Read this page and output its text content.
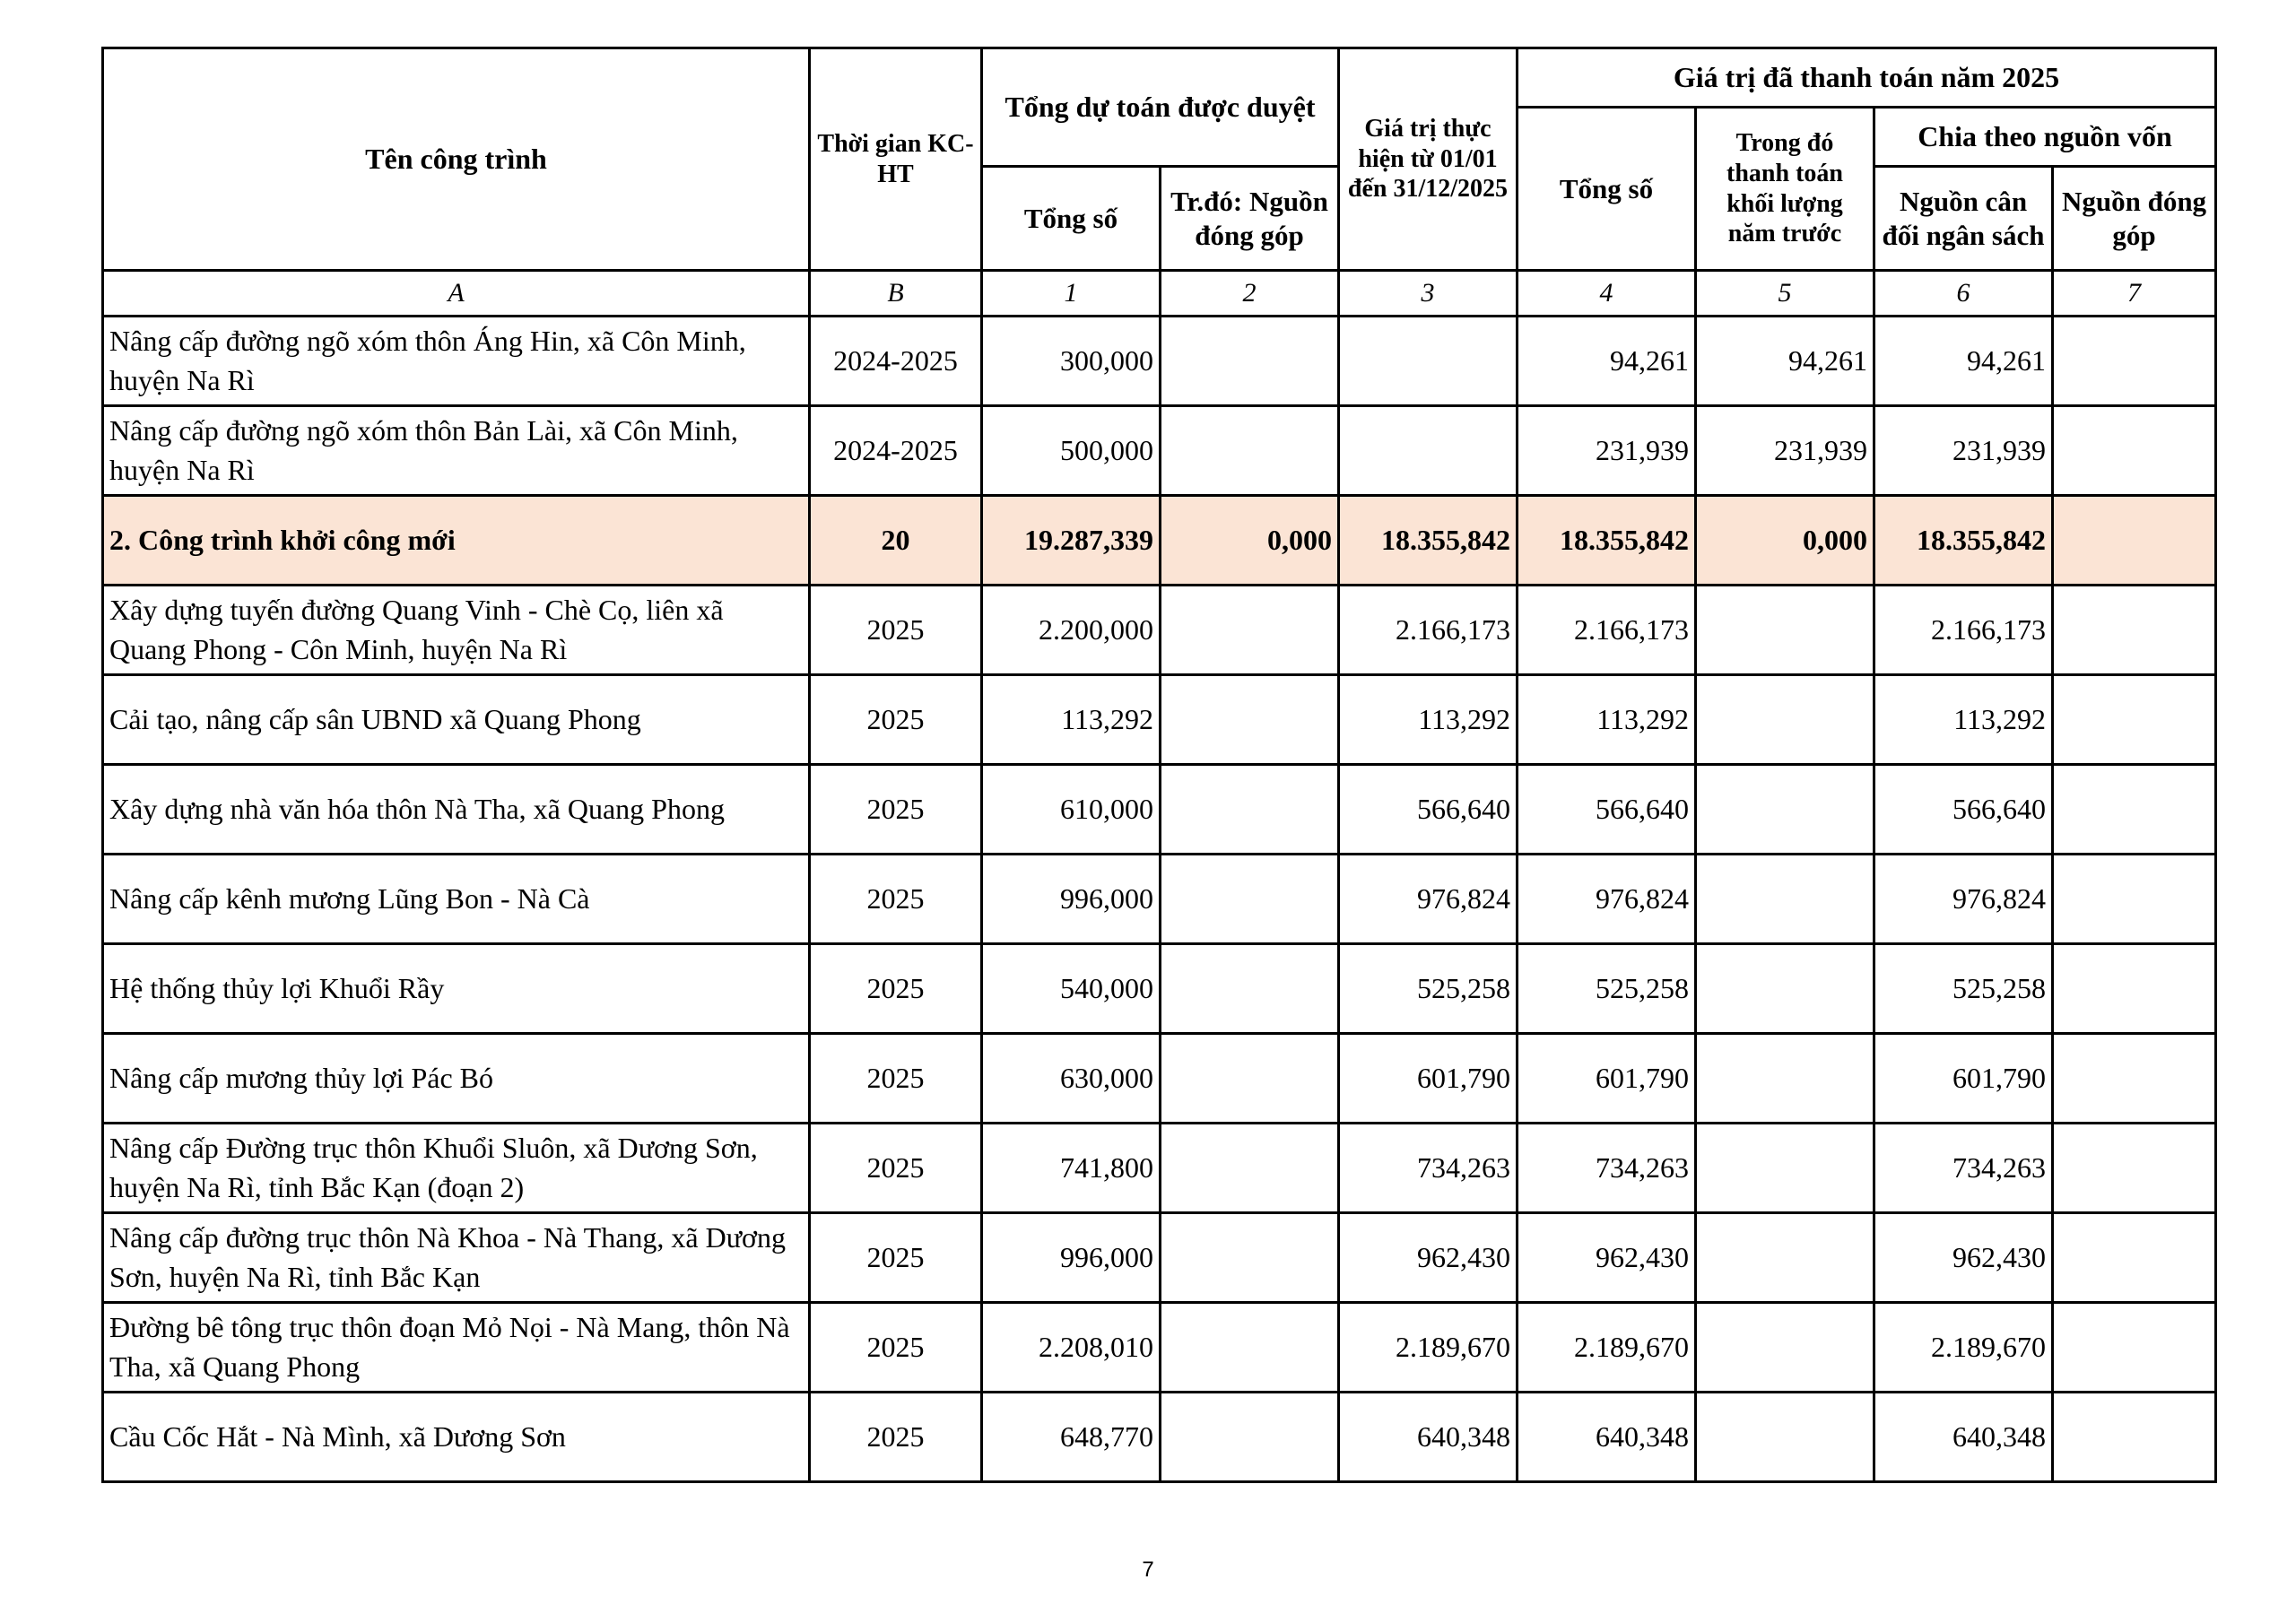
Tên công trình	Thời gian KC-HT	Tổng dự toán được duyệt		Giá trị thực hiện từ 01/01 đến 31/12/2025	Giá trị đã thanh toán năm 2025			
					Tổng số	Trong đó thanh toán khối lượng năm trước	Chia theo nguồn vốn	
		Tổng số	Tr.đó: Nguồn đóng góp				Nguồn cân đối ngân sách	Nguồn đóng góp
A	B	1	2	3	4	5	6	7
Nâng cấp đường ngõ xóm thôn Áng Hin, xã Côn Minh, huyện Na Rì	2024-2025	300,000			94,261	94,261	94,261	
Nâng cấp đường ngõ xóm thôn Bản Lài, xã Côn Minh, huyện Na Rì	2024-2025	500,000			231,939	231,939	231,939	
2. Công trình khởi công mới	20	19.287,339	0,000	18.355,842	18.355,842	0,000	18.355,842	
Xây dựng tuyến đường Quang Vinh - Chè Cọ, liên xã Quang Phong - Côn Minh, huyện Na Rì	2025	2.200,000		2.166,173	2.166,173		2.166,173	
Cải tạo, nâng cấp sân UBND xã Quang Phong	2025	113,292		113,292	113,292		113,292	
Xây dựng nhà văn hóa thôn Nà Tha, xã Quang Phong	2025	610,000		566,640	566,640		566,640	
Nâng cấp kênh mương Lũng Bon - Nà Cà	2025	996,000		976,824	976,824		976,824	
Hệ thống thủy lợi Khuổi Rầy	2025	540,000		525,258	525,258		525,258	
Nâng cấp mương thủy lợi Pác Bó	2025	630,000		601,790	601,790		601,790	
Nâng cấp Đường trục thôn Khuổi Sluôn, xã Dương Sơn, huyện Na Rì, tỉnh Bắc Kạn (đoạn 2)	2025	741,800		734,263	734,263		734,263	
Nâng cấp đường trục thôn Nà Khoa - Nà Thang, xã Dương Sơn, huyện Na Rì, tỉnh Bắc Kạn	2025	996,000		962,430	962,430		962,430	
Đường bê tông trục thôn đoạn Mỏ Nọi - Nà Mang, thôn Nà Tha, xã Quang Phong	2025	2.208,010		2.189,670	2.189,670		2.189,670	
Cầu Cốc Hắt - Nà Mình, xã Dương Sơn	2025	648,770		640,348	640,348		640,348	
7
